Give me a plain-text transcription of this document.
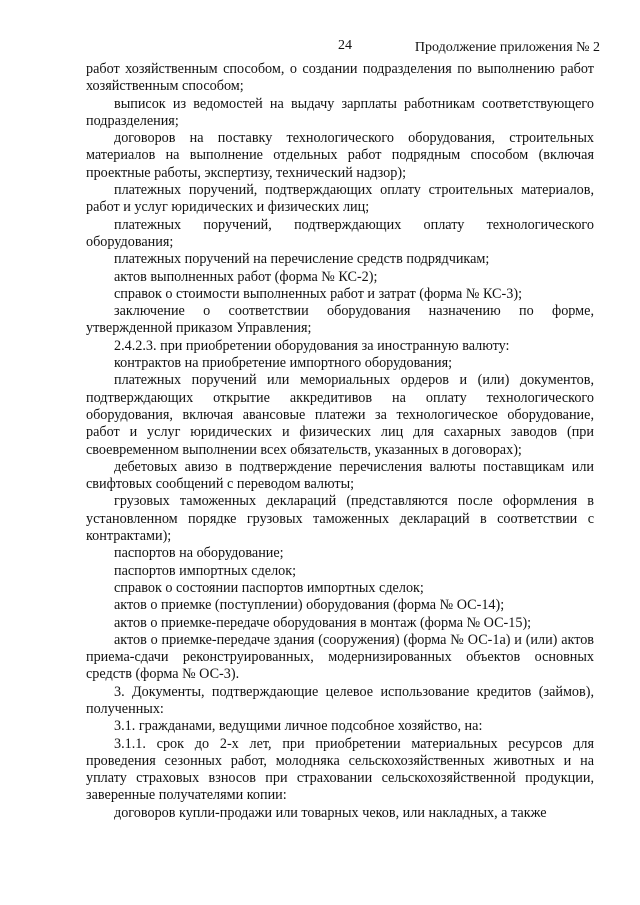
24	Продолжение приложения № 2

работ хозяйственным способом, о создании подразделения по выполнению работ хозяйственным способом;

выписок из ведомостей на выдачу зарплаты работникам соответствующего подразделения;

договоров на поставку технологического оборудования, строительных материалов на выполнение отдельных работ подрядным способом (включая проектные работы, экспертизу, технический надзор);

платежных поручений, подтверждающих оплату строительных материалов, работ и услуг юридических и физических лиц;

платежных поручений, подтверждающих оплату технологического оборудования;

платежных поручений на перечисление средств подрядчикам;

актов выполненных работ (форма № КС-2);

справок о стоимости выполненных работ и затрат (форма № КС-3);

заключение о соответствии оборудования назначению по форме, утвержденной приказом Управления;

2.4.2.3. при приобретении оборудования за иностранную валюту:

контрактов на приобретение импортного оборудования;

платежных поручений или мемориальных ордеров и (или) документов, подтверждающих открытие аккредитивов на оплату технологического оборудования, включая авансовые платежи за технологическое оборудование, работ и услуг юридических и физических лиц для сахарных заводов (при своевременном выполнении всех обязательств, указанных в договорах);

дебетовых авизо в подтверждение перечисления валюты поставщикам или свифтовых сообщений с переводом валюты;

грузовых таможенных деклараций (представляются после оформления в установленном порядке грузовых таможенных деклараций в соответствии с контрактами);

паспортов на оборудование;

паспортов импортных сделок;

справок о состоянии паспортов импортных сделок;

актов о приемке (поступлении) оборудования (форма № ОС-14);

актов о приемке-передаче оборудования в монтаж (форма № ОС-15);

актов о приемке-передаче здания (сооружения) (форма № ОС-1а) и (или) актов приема-сдачи реконструированных, модернизированных объектов основных средств (форма № ОС-3).

3. Документы, подтверждающие целевое использование кредитов (займов), полученных:

3.1. гражданами, ведущими личное подсобное хозяйство, на:

3.1.1. срок до 2-х лет, при приобретении материальных ресурсов для проведения сезонных работ, молодняка сельскохозяйственных животных и на уплату страховых взносов при страховании сельскохозяйственной продукции, заверенные получателями копии:

договоров купли-продажи или товарных чеков, или накладных, а также
